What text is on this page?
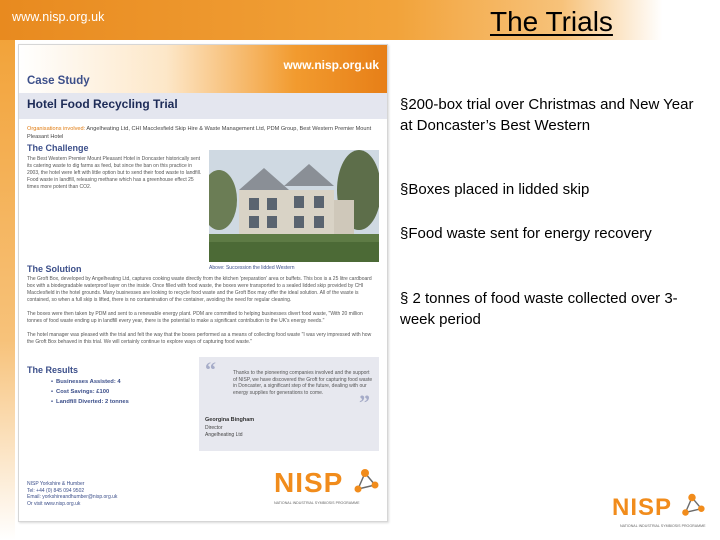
www.nisp.org.uk	The Trials
Case Study
www.nisp.org.uk
Hotel Food Recycling Trial
Organisations involved: Angelheating Ltd, CHI Macclesfield Skip Hire & Waste Management Ltd, PDM Group, Best Western Premier Mount Pleasant Hotel
The Challenge
The Best Western Premier Mount Pleasant Hotel in Doncaster historically sent its catering waste to dig farms as feed, but since the ban on this practice in 2003, the hotel were left with little option but to send their food waste to landfill. Food waste in landfill, releasing methane which has a greenhouse effect 25 times more potent than CO2.
Above: Succession the lidded Western
The Solution
The Groft Box, developed by Angelheating Ltd, captures cooking waste directly from the kitchen 'preparation' area or buffets. This box is a 25 litre cardboard box with a biodegradable waterproof layer on the inside. Once filled with food waste, the boxes were transported to a sealed lidded skip provided by CHI Macclesfield in the hotel grounds. Many businesses are looking to recycle food waste and the Groft Box may offer the ideal solution. All of the waste is contained, so when a full skip is lifted, there is no contamination of the container, avoiding the need for regular cleaning.
The boxes were then taken by PDM and sent to a renewable energy plant. PDM are committed to helping businesses divert food waste, "With 20 million tonnes of food waste ending up in landfill every year, there is the potential to make a significant contribution to the UK's energy needs."
The hotel manager was pleased with the trial and felt the way that the boxes performed as a means of collecting food waste "I was very impressed with how the Groft Box behaved in this trial. We will certainly continue to explore ways of capturing food waste."
The Results
• Businesses Assisted: 4
• Cost Savings: £100
• Landfill Diverted: 2 tonnes
“
”
Thanks to the pioneering companies involved and the support of NISP, we have discovered the Groft for capturing food waste in Doncaster, a significant step of the future, dealing with our energy supplies for generations to come.
Georgina Bingham
Director
Angelheating Ltd
NISP Yorkshire & Humber
Tel: +44 (0) 845 094 9502
Email: yorkshireandhumber@nisp.org.uk
Or visit www.nisp.org.uk
NISP
NATIONAL INDUSTRIAL SYMBIOSIS PROGRAMME
§200-box trial over Christmas and New Year at Doncaster’s Best Western
§Boxes placed in lidded skip
§Food waste sent for energy recovery
§ 2 tonnes of food waste collected over 3-week period
NISP
NATIONAL INDUSTRIAL SYMBIOSIS PROGRAMME
